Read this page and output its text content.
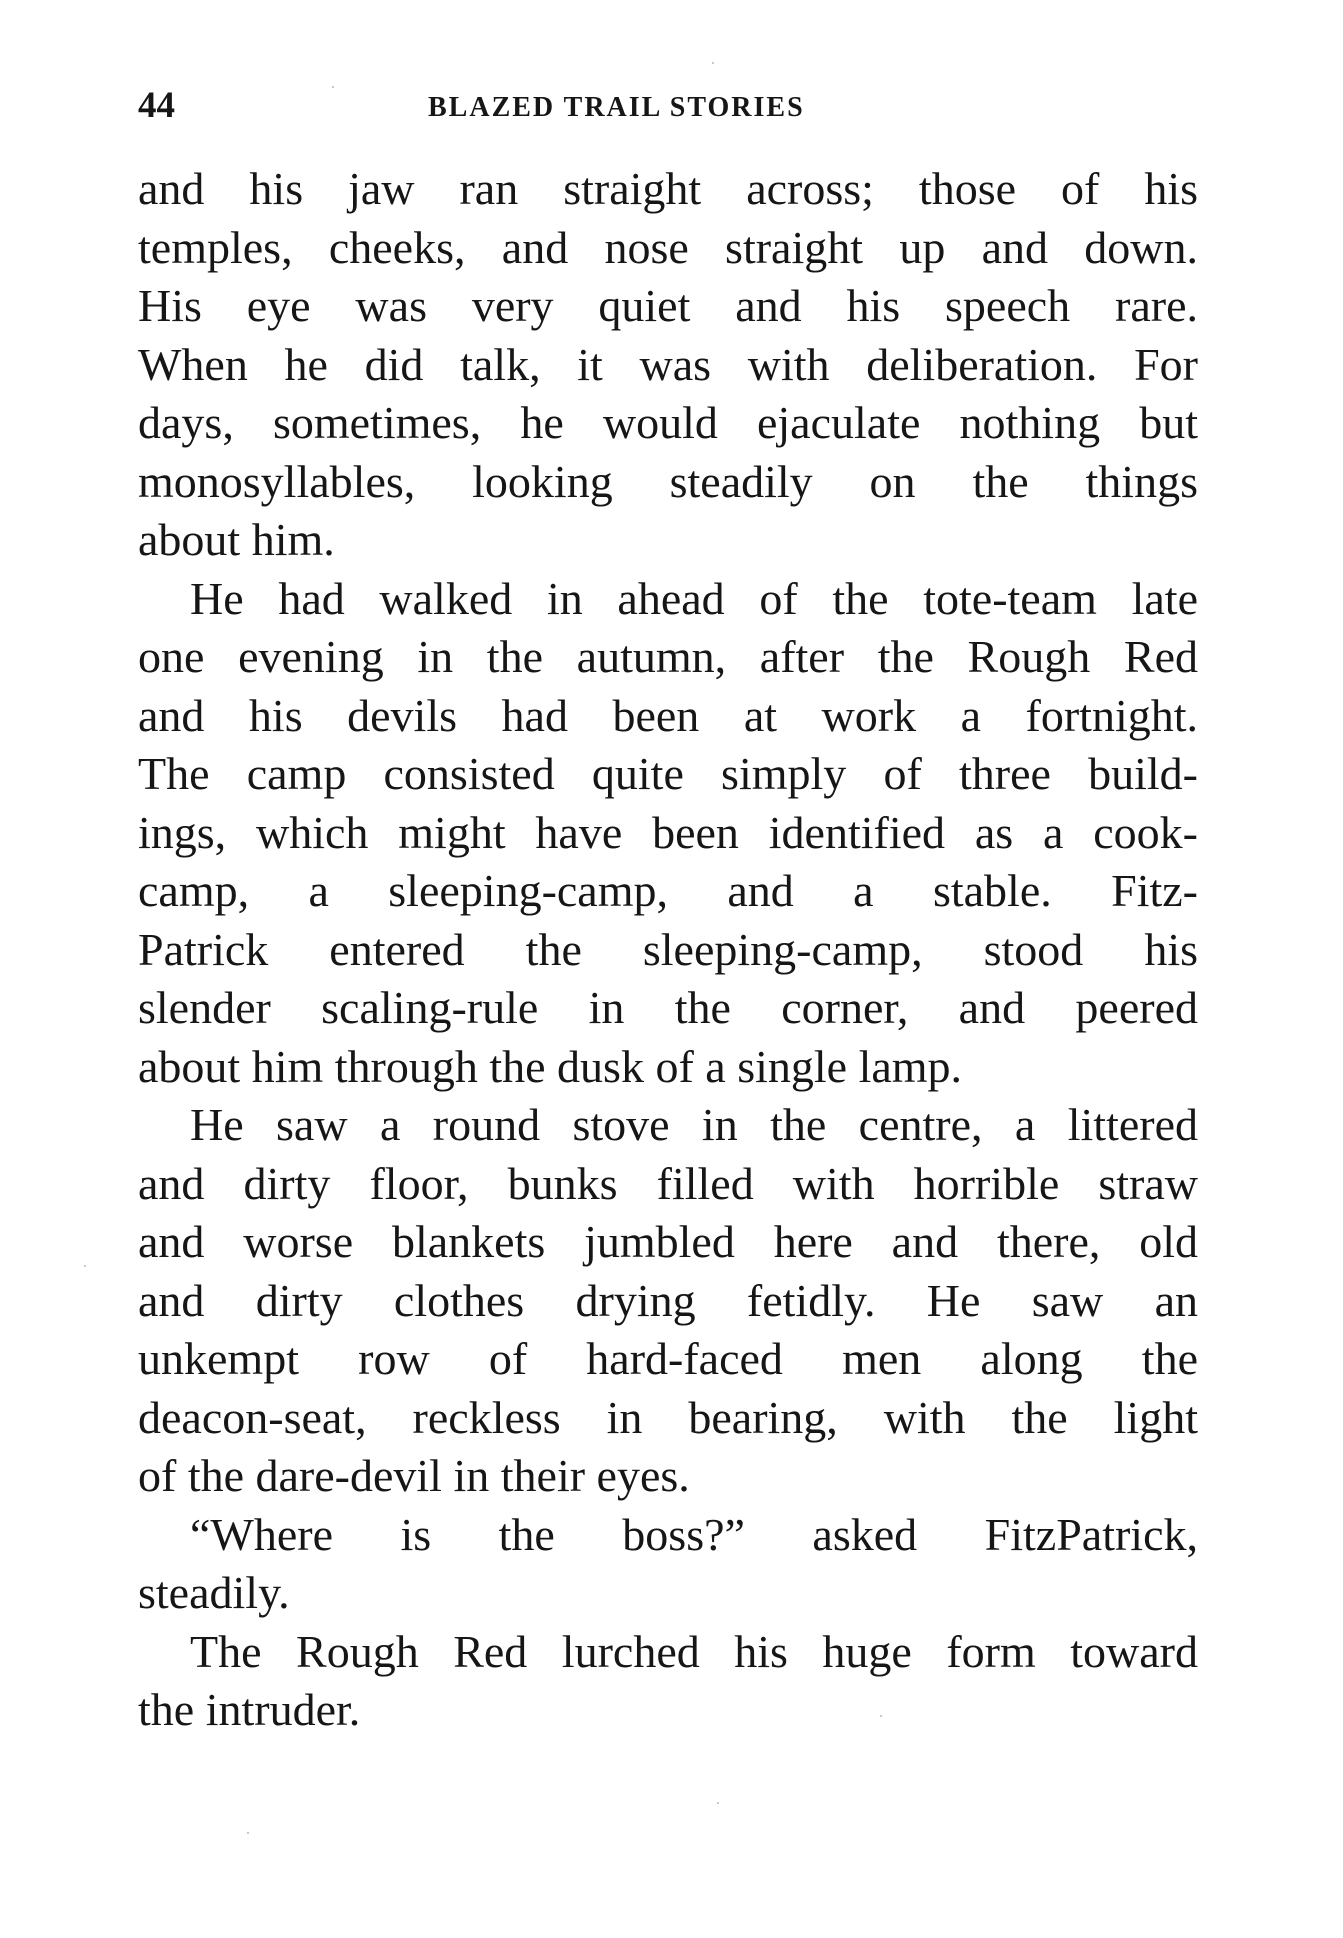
44	BLAZED TRAIL STORIES

and his jaw ran straight across; those of his
temples, cheeks, and nose straight up and down.
His eye was very quiet and his speech rare.
When he did talk, it was with deliberation. For
days, sometimes, he would ejaculate nothing but
monosyllables, looking steadily on the things
about him.

He had walked in ahead of the tote-team late
one evening in the autumn, after the Rough Red
and his devils had been at work a fortnight.
The camp consisted quite simply of three build-
ings, which might have been identified as a cook-
camp, a sleeping-camp, and a stable. Fitz-
Patrick entered the sleeping-camp, stood his
slender scaling-rule in the corner, and peered
about him through the dusk of a single lamp.

He saw a round stove in the centre, a littered
and dirty floor, bunks filled with horrible straw
and worse blankets jumbled here and there, old
and dirty clothes drying fetidly. He saw an
unkempt row of hard-faced men along the
deacon-seat, reckless in bearing, with the light
of the dare-devil in their eyes.

“Where is the boss?” asked FitzPatrick,
steadily.

The Rough Red lurched his huge form toward
the intruder.
